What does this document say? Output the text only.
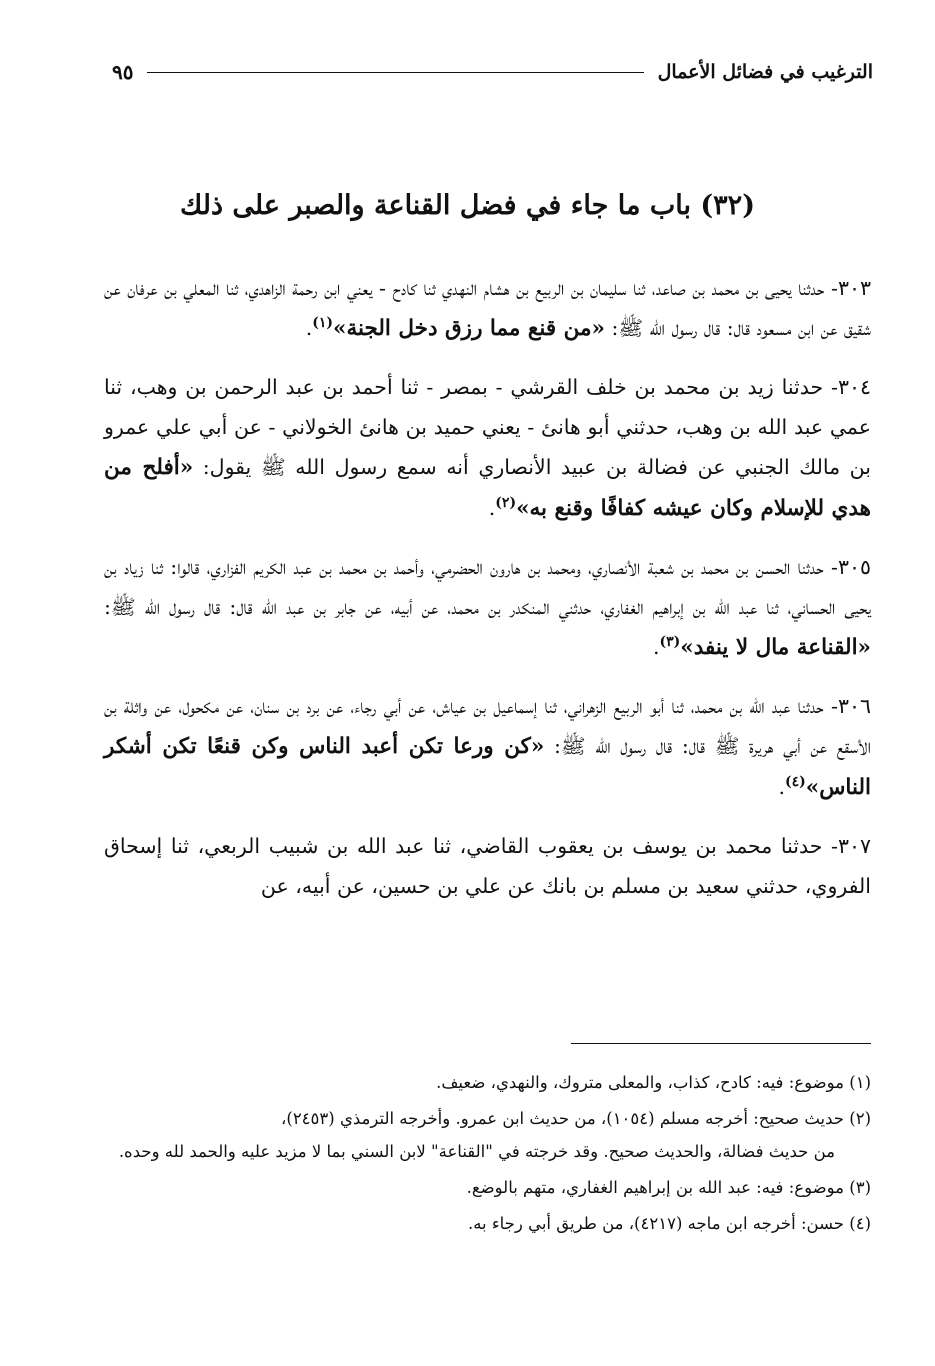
الترغيب في فضائل الأعمال
٩٥
(٣٢) باب ما جاء في فضل القناعة والصبر على ذلك

٣٠٣- حدثنا يحيى بن محمد بن صاعد، ثنا سليمان بن الربيع بن هشام النهدي ثنا كادح - يعني ابن رحمة الزاهدي، ثنا المعلي بن عرفان عن شقيق عن ابن مسعود قال: قال رسول الله ﷺ: «من قنع مما رزق دخل الجنة»$^{(١)}$.

٣٠٤- حدثنا زيد بن محمد بن خلف القرشي - بمصر - ثنا أحمد بن عبد الرحمن بن وهب، ثنا عمي عبد الله بن وهب، حدثني أبو هانئ - يعني حميد بن هانئ الخولاني - عن أبي علي عمرو بن مالك الجنبي عن فضالة بن عبيد الأنصاري أنه سمع رسول الله ﷺ يقول: «أفلح من هدي للإسلام وكان عيشه كفافًا وقنع به»$^{(٢)}$.

٣٠٥- حدثنا الحسن بن محمد بن شعبة الأنصاري، ومحمد بن هارون الحضرمي، وأحمد بن محمد بن عبد الكريم الفزاري، قالوا: ثنا زياد بن يحيى الحساني، ثنا عبد الله بن إبراهيم الغفاري، حدثني المنكدر بن محمد، عن أبيه، عن جابر بن عبد الله قال: قال رسول الله ﷺ: «القناعة مال لا ينفد»$^{(٣)}$.

٣٠٦- حدثنا عبد الله بن محمد، ثنا أبو الربيع الزهراني، ثنا إسماعيل بن عياش، عن أبي رجاء، عن برد بن سنان، عن مكحول، عن واثلة بن الأسقع عن أبي هريرة ﷺ قال: قال رسول الله ﷺ: «كن ورعا تكن أعبد الناس وكن قنعًا تكن أشكر الناس»$^{(٤)}$.

٣٠٧- حدثنا محمد بن يوسف بن يعقوب القاضي، ثنا عبد الله بن شبيب الربعي، ثنا إسحاق الفروي، حدثني سعيد بن مسلم بن بانك عن علي بن حسين، عن أبيه، عن

(١) موضوع: فيه: كادح، كذاب، والمعلى متروك، والنهدي، ضعيف.

(٢) حديث صحيح: أخرجه مسلم (١٠٥٤)، من حديث ابن عمرو. وأخرجه الترمذي (٢٤٥٣)،
من حديث فضالة، والحديث صحيح. وقد خرجته في "القناعة" لابن السني بما لا مزيد عليه والحمد لله وحده.

(٣) موضوع: فيه: عبد الله بن إبراهيم الغفاري، متهم بالوضع.

(٤) حسن: أخرجه ابن ماجه (٤٢١٧)، من طريق أبي رجاء به.
